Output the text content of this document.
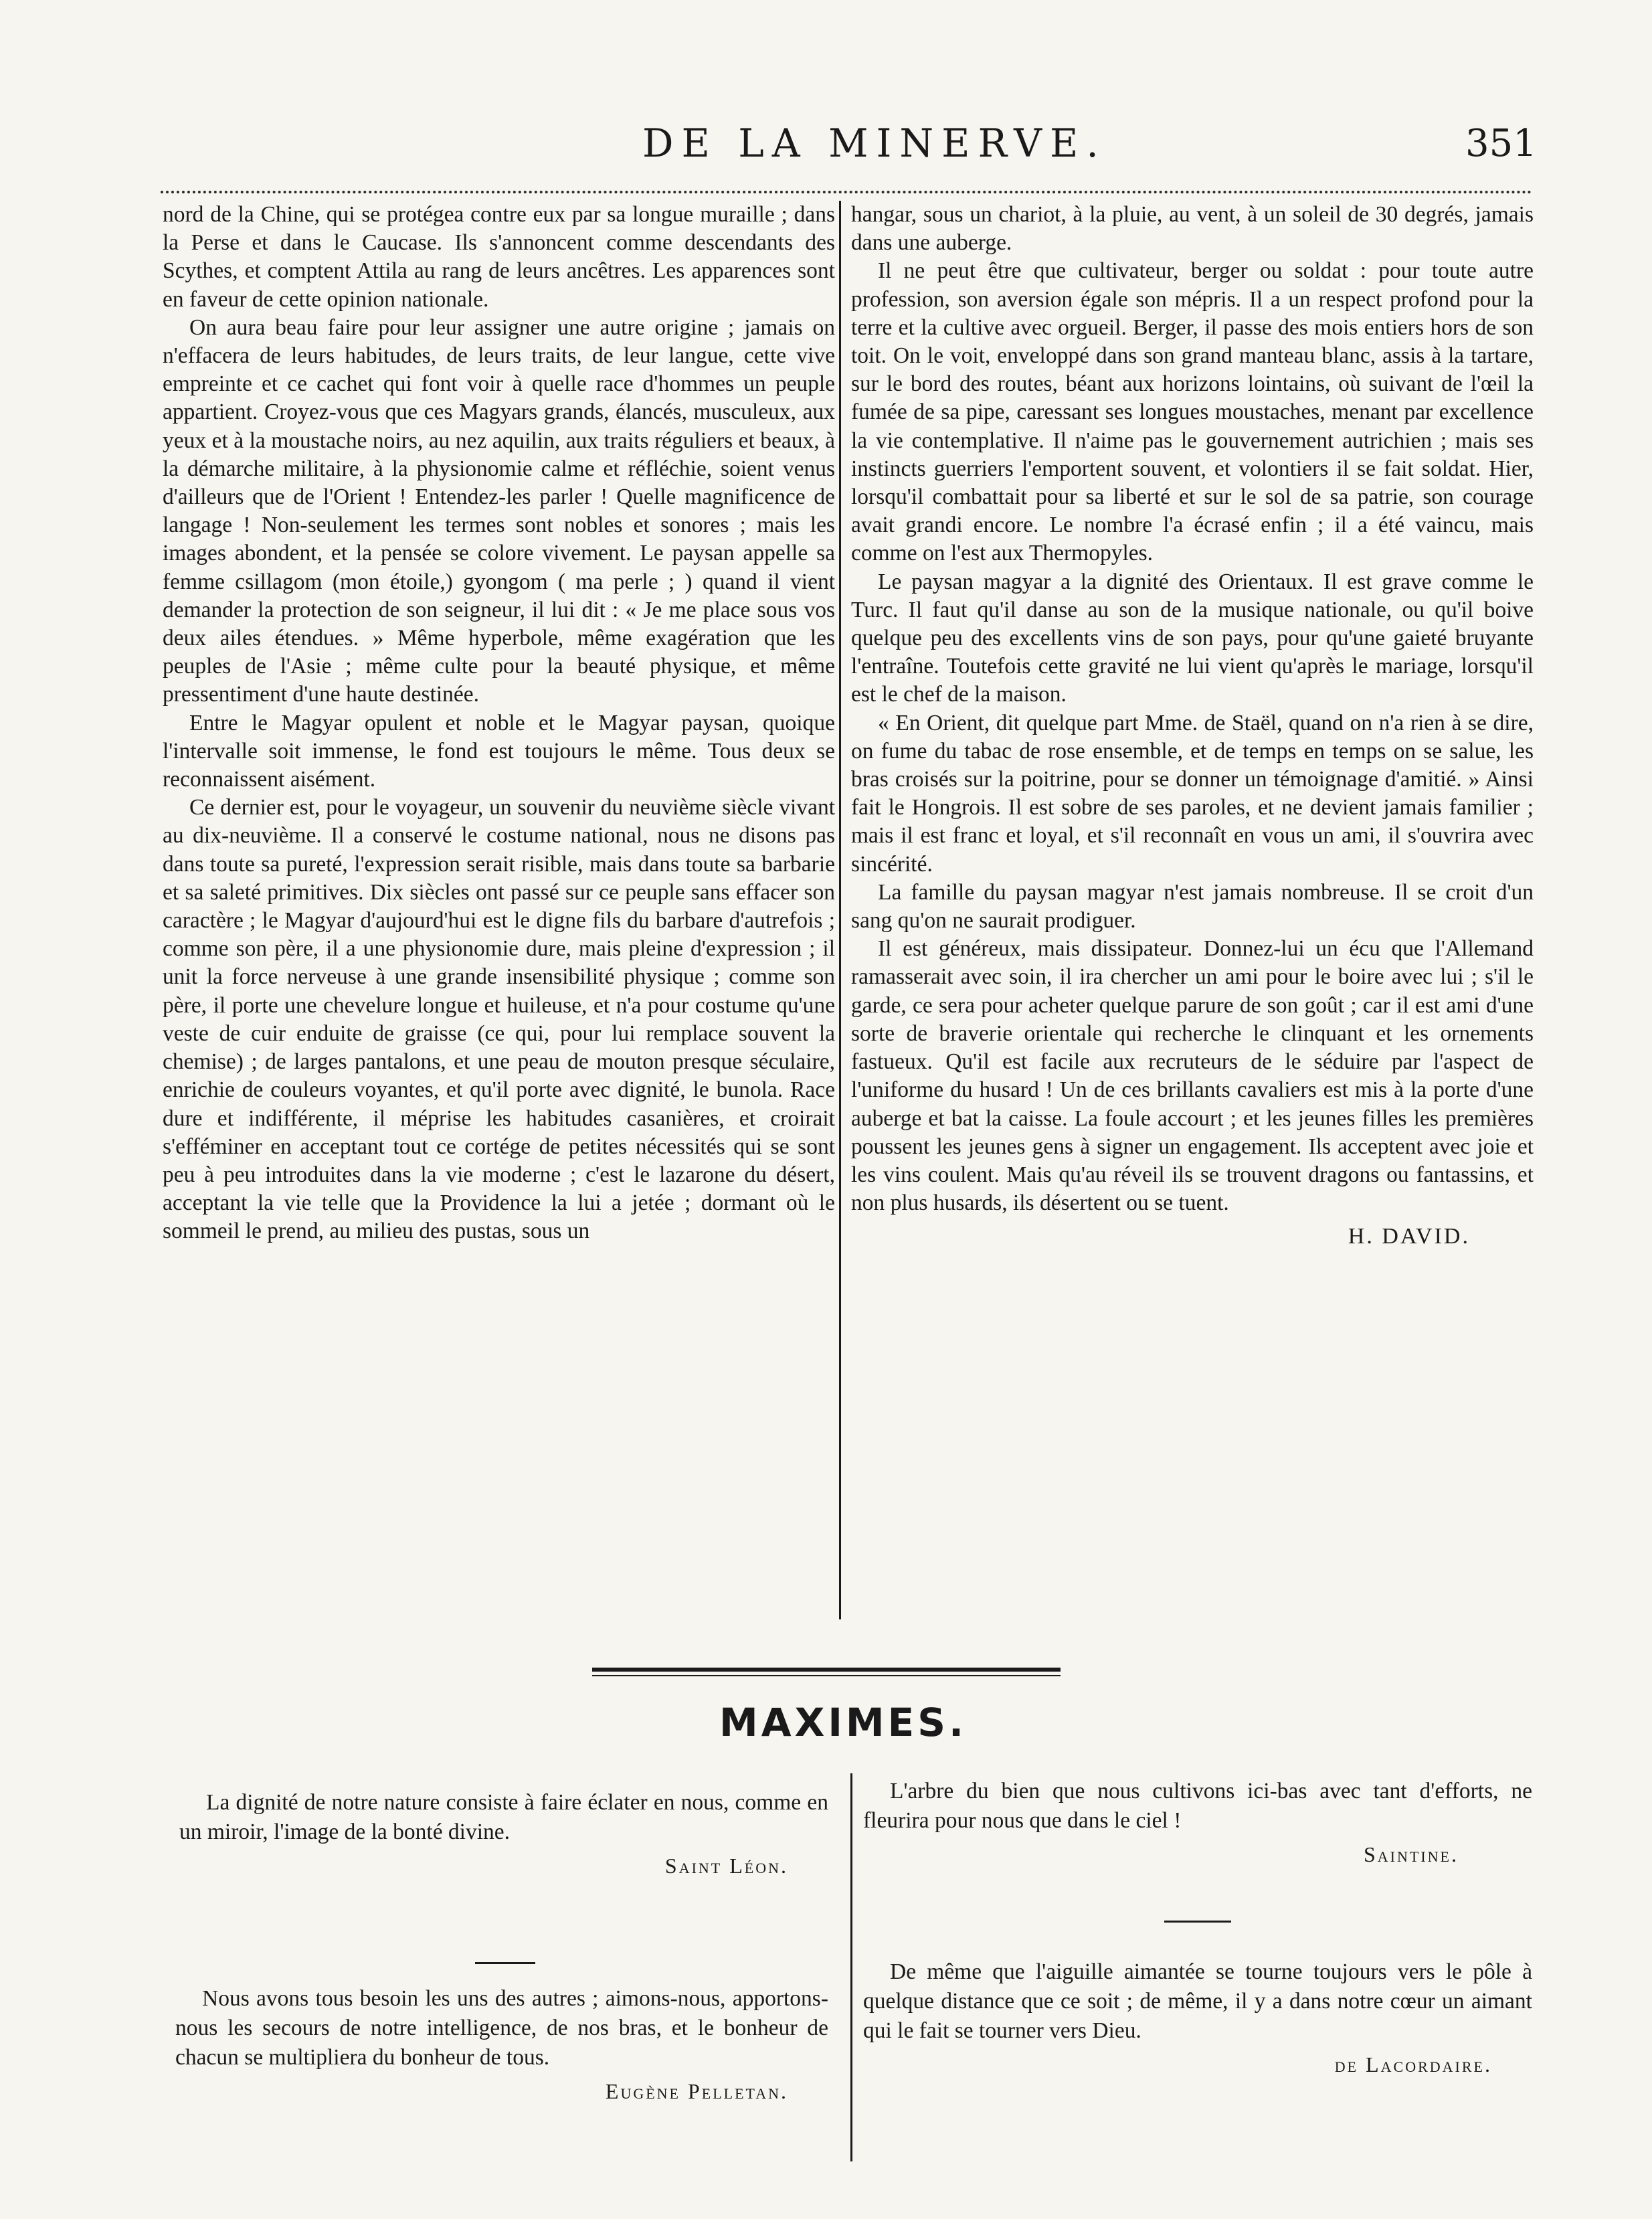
DE LA MINERVE.	351

nord de la Chine, qui se protégea contre eux par sa longue muraille ; dans la Perse et dans le Caucase. Ils s'annoncent comme descendants des Scythes, et comptent Attila au rang de leurs ancêtres. Les apparences sont en faveur de cette opinion nationale.

On aura beau faire pour leur assigner une autre origine ; jamais on n'effacera de leurs habitudes, de leurs traits, de leur langue, cette vive empreinte et ce cachet qui font voir à quelle race d'hommes un peuple appartient. Croyez-vous que ces Magyars grands, élancés, musculeux, aux yeux et à la moustache noirs, au nez aquilin, aux traits réguliers et beaux, à la démarche militaire, à la physionomie calme et réfléchie, soient venus d'ailleurs que de l'Orient ! Entendez-les parler ! Quelle magnificence de langage ! Non-seulement les termes sont nobles et sonores ; mais les images abondent, et la pensée se colore vivement. Le paysan appelle sa femme csillagom (mon étoile,) gyongom ( ma perle ; ) quand il vient demander la protection de son seigneur, il lui dit : « Je me place sous vos deux ailes étendues. » Même hyperbole, même exagération que les peuples de l'Asie ; même culte pour la beauté physique, et même pressentiment d'une haute destinée.

Entre le Magyar opulent et noble et le Magyar paysan, quoique l'intervalle soit immense, le fond est toujours le même. Tous deux se reconnaissent aisément.

Ce dernier est, pour le voyageur, un souvenir du neuvième siècle vivant au dix-neuvième. Il a conservé le costume national, nous ne disons pas dans toute sa pureté, l'expression serait risible, mais dans toute sa barbarie et sa saleté primitives. Dix siècles ont passé sur ce peuple sans effacer son caractère ; le Magyar d'aujourd'hui est le digne fils du barbare d'autrefois ; comme son père, il a une physionomie dure, mais pleine d'expression ; il unit la force nerveuse à une grande insensibilité physique ; comme son père, il porte une chevelure longue et huileuse, et n'a pour costume qu'une veste de cuir enduite de graisse (ce qui, pour lui remplace souvent la chemise) ; de larges pantalons, et une peau de mouton presque séculaire, enrichie de couleurs voyantes, et qu'il porte avec dignité, le bunola. Race dure et indifférente, il méprise les habitudes casanières, et croirait s'efféminer en acceptant tout ce cortége de petites nécessités qui se sont peu à peu introduites dans la vie moderne ; c'est le lazarone du désert, acceptant la vie telle que la Providence la lui a jetée ; dormant où le sommeil le prend, au milieu des pustas, sous un

hangar, sous un chariot, à la pluie, au vent, à un soleil de 30 degrés, jamais dans une auberge.

Il ne peut être que cultivateur, berger ou soldat : pour toute autre profession, son aversion égale son mépris. Il a un respect profond pour la terre et la cultive avec orgueil. Berger, il passe des mois entiers hors de son toit. On le voit, enveloppé dans son grand manteau blanc, assis à la tartare, sur le bord des routes, béant aux horizons lointains, où suivant de l'œil la fumée de sa pipe, caressant ses longues moustaches, menant par excellence la vie contemplative. Il n'aime pas le gouvernement autrichien ; mais ses instincts guerriers l'emportent souvent, et volontiers il se fait soldat. Hier, lorsqu'il combattait pour sa liberté et sur le sol de sa patrie, son courage avait grandi encore. Le nombre l'a écrasé enfin ; il a été vaincu, mais comme on l'est aux Thermopyles.

Le paysan magyar a la dignité des Orientaux. Il est grave comme le Turc. Il faut qu'il danse au son de la musique nationale, ou qu'il boive quelque peu des excellents vins de son pays, pour qu'une gaieté bruyante l'entraîne. Toutefois cette gravité ne lui vient qu'après le mariage, lorsqu'il est le chef de la maison.

« En Orient, dit quelque part Mme. de Staël, quand on n'a rien à se dire, on fume du tabac de rose ensemble, et de temps en temps on se salue, les bras croisés sur la poitrine, pour se donner un témoignage d'amitié. » Ainsi fait le Hongrois. Il est sobre de ses paroles, et ne devient jamais familier ; mais il est franc et loyal, et s'il reconnaît en vous un ami, il s'ouvrira avec sincérité.

La famille du paysan magyar n'est jamais nombreuse. Il se croit d'un sang qu'on ne saurait prodiguer.

Il est généreux, mais dissipateur. Donnez-lui un écu que l'Allemand ramasserait avec soin, il ira chercher un ami pour le boire avec lui ; s'il le garde, ce sera pour acheter quelque parure de son goût ; car il est ami d'une sorte de braverie orientale qui recherche le clinquant et les ornements fastueux. Qu'il est facile aux recruteurs de le séduire par l'aspect de l'uniforme du husard ! Un de ces brillants cavaliers est mis à la porte d'une auberge et bat la caisse. La foule accourt ; et les jeunes filles les premières poussent les jeunes gens à signer un engagement. Ils acceptent avec joie et les vins coulent. Mais qu'au réveil ils se trouvent dragons ou fantassins, et non plus husards, ils désertent ou se tuent.

H. DAVID.

MAXIMES.

La dignité de notre nature consiste à faire éclater en nous, comme en un miroir, l'image de la bonté divine.

Saint Léon.

Nous avons tous besoin les uns des autres ; aimons-nous, apportons-nous les secours de notre intelligence, de nos bras, et le bonheur de chacun se multipliera du bonheur de tous.

Eugène Pelletan.

L'arbre du bien que nous cultivons ici-bas avec tant d'efforts, ne fleurira pour nous que dans le ciel !

Saintine.

De même que l'aiguille aimantée se tourne toujours vers le pôle à quelque distance que ce soit ; de même, il y a dans notre cœur un aimant qui le fait se tourner vers Dieu.

de Lacordaire.
